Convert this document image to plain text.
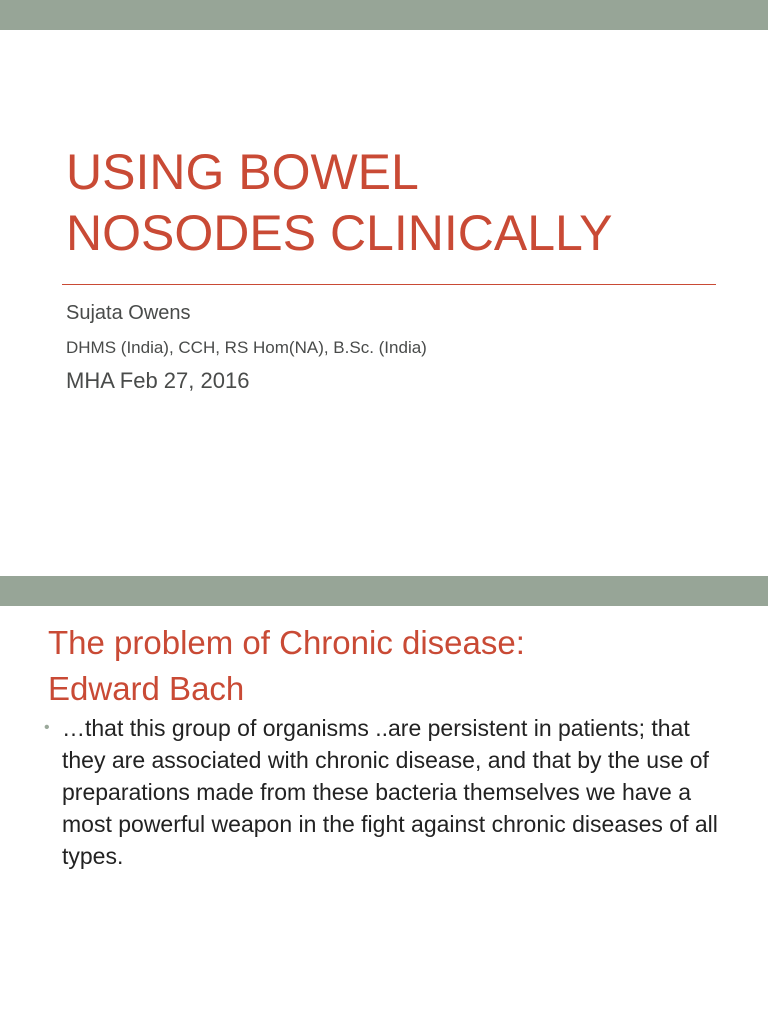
USING BOWEL
NOSODES CLINICALLY
Sujata Owens
DHMS (India), CCH, RS Hom(NA), B.Sc. (India)
MHA Feb 27, 2016
The problem of Chronic disease:
Edward Bach
• …that this group of organisms ..are persistent in patients; that they are associated with chronic disease, and that by the use of preparations made from these bacteria themselves we have a most powerful weapon in the fight against chronic diseases of all types.
